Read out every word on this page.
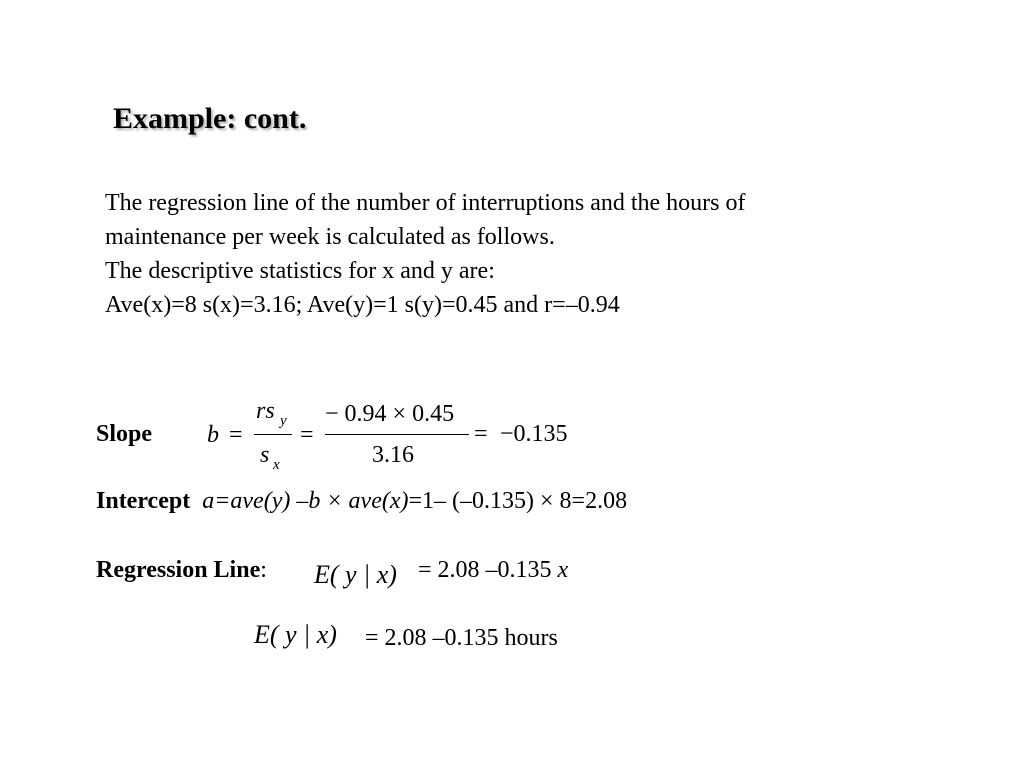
Example: cont.
The regression line of the number of interruptions and the hours of
maintenance per week is calculated as follows.
The descriptive statistics for x and y are:
Ave(x)=8 s(x)=3.16; Ave(y)=1 s(y)=0.45 and r=–0.94
Slope b =
rs y
s x
=
− 0.94 × 0.45
3.16
= −0.135
Intercept a=ave(y) –b × ave(x)=1– (–0.135) × 8=2.08
Regression Line: E( y | x) = 2.08 –0.135 x
E( y | x) = 2.08 –0.135 hours
